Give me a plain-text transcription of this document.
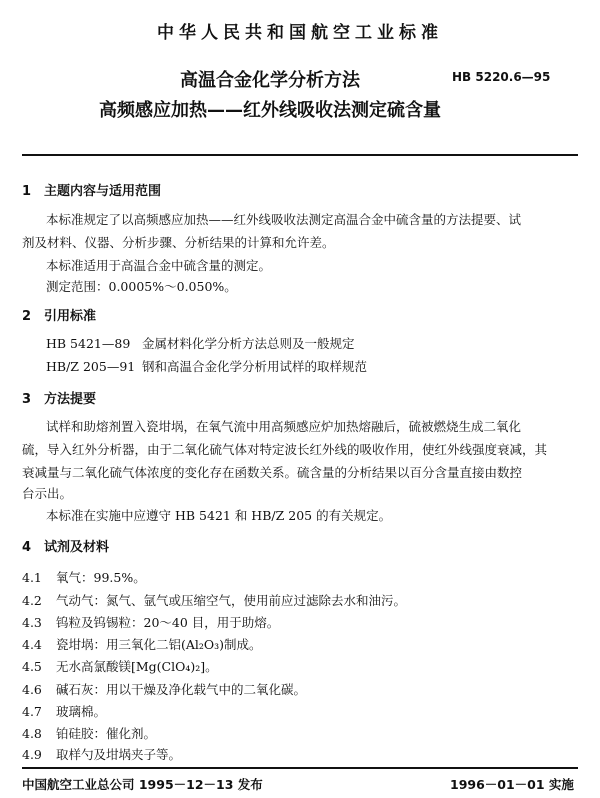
中华人民共和国航空工业标准
高温合金化学分析方法
高频感应加热——红外线吸收法测定硫含量
HB 5220.6—95
1 主题内容与适用范围
本标准规定了以高频感应加热——红外线吸收法测定高温合金中硫含量的方法提要、试
剂及材料、仪器、分析步骤、分析结果的计算和允许差。
本标准适用于高温合金中硫含量的测定。
测定范围：0.0005%～0.050%。
2 引用标准
HB 5421—89 金属材料化学分析方法总则及一般规定
HB/Z 205—91 钢和高温合金化学分析用试样的取样规范
3 方法提要
试样和助熔剂置入瓷坩埚，在氧气流中用高频感应炉加热熔融后，硫被燃烧生成二氧化
硫，导入红外分析器，由于二氧化硫气体对特定波长红外线的吸收作用，使红外线强度衰减，其
衰减量与二氧化硫气体浓度的变化存在函数关系。硫含量的分析结果以百分含量直接由数控
台示出。
本标准在实施中应遵守 HB 5421 和 HB/Z 205 的有关规定。
4 试剂及材料
4.1 氧气：99.5%。
4.2 气动气：氮气、氩气或压缩空气，使用前应过滤除去水和油污。
4.3 钨粒及钨锡粒：20～40 目，用于助熔。
4.4 瓷坩埚：用三氧化二铝(Al₂O₃)制成。
4.5 无水高氯酸镁[Mg(ClO₄)₂]。
4.6 碱石灰：用以干燥及净化载气中的二氧化碳。
4.7 玻璃棉。
4.8 铂硅胶：催化剂。
4.9 取样勺及坩埚夹子等。
中国航空工业总公司 1995－12－13 发布	1996－01－01 实施
